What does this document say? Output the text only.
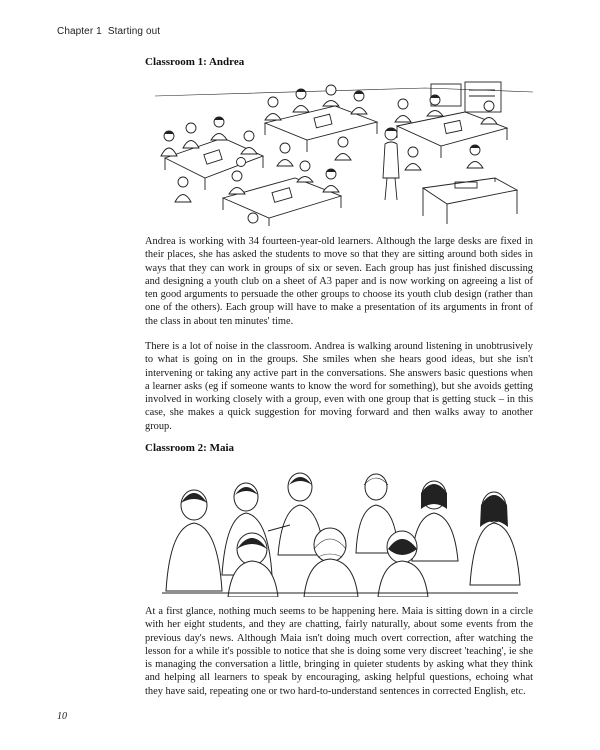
Chapter 1 Starting out
Classroom 1: Andrea

Andrea is working with 34 fourteen-year-old learners. Although the large desks are fixed in their places, she has asked the students to move so that they are sitting around both sides in ways that they can work in groups of six or seven. Each group has just finished discussing and designing a youth club on a sheet of A3 paper and is now working on agreeing a list of ten good arguments to persuade the other groups to choose its youth club design (rather than one of the others). Each group will have to make a presentation of its arguments in front of the class in about ten minutes' time.

There is a lot of noise in the classroom. Andrea is walking around listening in unobtrusively to what is going on in the groups. She smiles when she hears good ideas, but she isn't intervening or taking any active part in the conversations. She answers basic questions when a learner asks (eg if someone wants to know the word for something), but she avoids getting involved in working closely with a group, even with one group that is getting stuck – in this case, she makes a quick suggestion for moving forward and then walks away to another group.

Classroom 2: Maia

At a first glance, nothing much seems to be happening here. Maia is sitting down in a circle with her eight students, and they are chatting, fairly naturally, about some events from the previous day's news. Although Maia isn't doing much overt correction, after watching the lesson for a while it's possible to notice that she is doing some very discreet 'teaching', ie she is managing the conversation a little, bringing in quieter students by asking what they think and helping all learners to speak by encouraging, asking helpful questions, echoing what they have said, repeating one or two hard-to-understand sentences in corrected English, etc.

10
